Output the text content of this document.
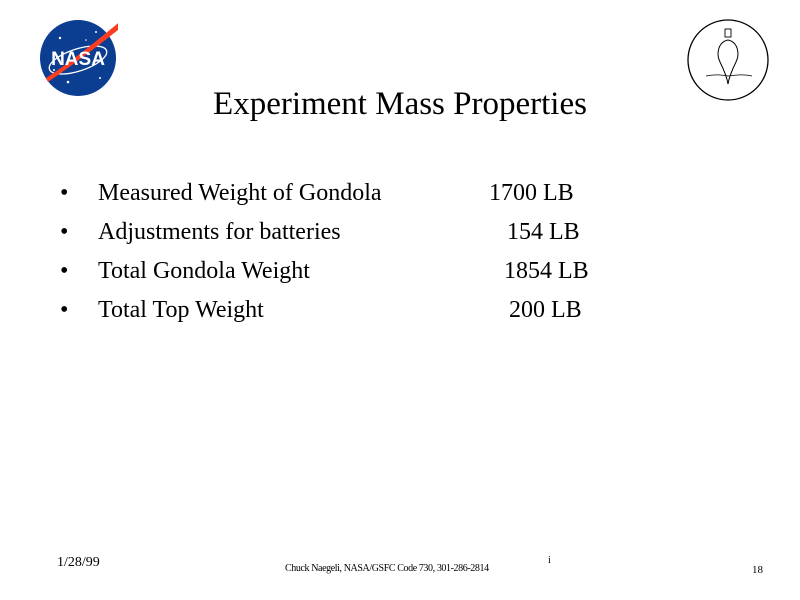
NASA
Experiment Mass Properties
• Measured Weight of Gondola	1700 LB
• Adjustments for batteries	154 LB
• Total Gondola Weight	1854 LB
• Total Top Weight	200 LB
1/28/99	Chuck Naegeli, NASA/GSFC Code 730, 301-286-2814
i
18
